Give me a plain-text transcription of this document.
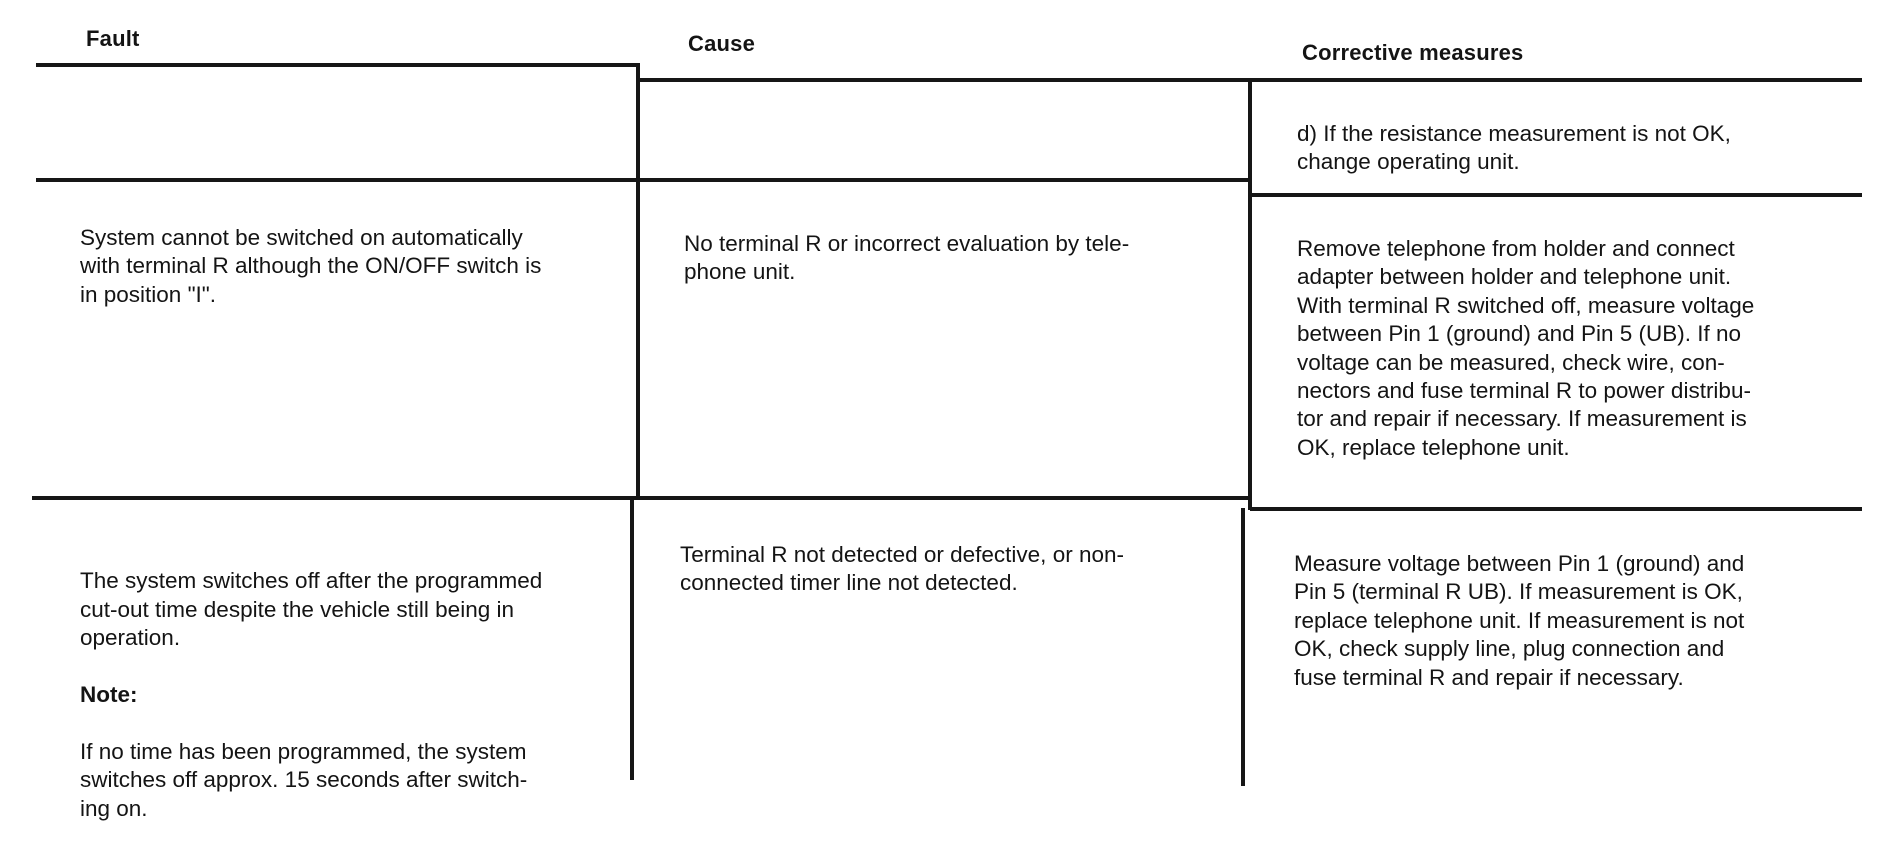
Fault	Cause	Corrective measures
d) If the resistance measurement is not OK,
change operating unit.
System cannot be switched on automatically
with terminal R although the ON/OFF switch is
in position "I".
No terminal R or incorrect evaluation by tele-
phone unit.
Remove telephone from holder and connect
adapter between holder and telephone unit.
With terminal R switched off, measure voltage
between Pin 1 (ground) and Pin 5 (UB). If no
voltage can be measured, check wire, con-
nectors and fuse terminal R to power distribu-
tor and repair if necessary. If measurement is
OK, replace telephone unit.

The system switches off after the programmed
cut-out time despite the vehicle still being in
operation.

Note:

If no time has been programmed, the system
switches off approx. 15 seconds after switch-
ing on.

Terminal R not detected or defective, or non-
connected timer line not detected.
Measure voltage between Pin 1 (ground) and
Pin 5 (terminal R UB). If measurement is OK,
replace telephone unit. If measurement is not
OK, check supply line, plug connection and
fuse terminal R and repair if necessary.
